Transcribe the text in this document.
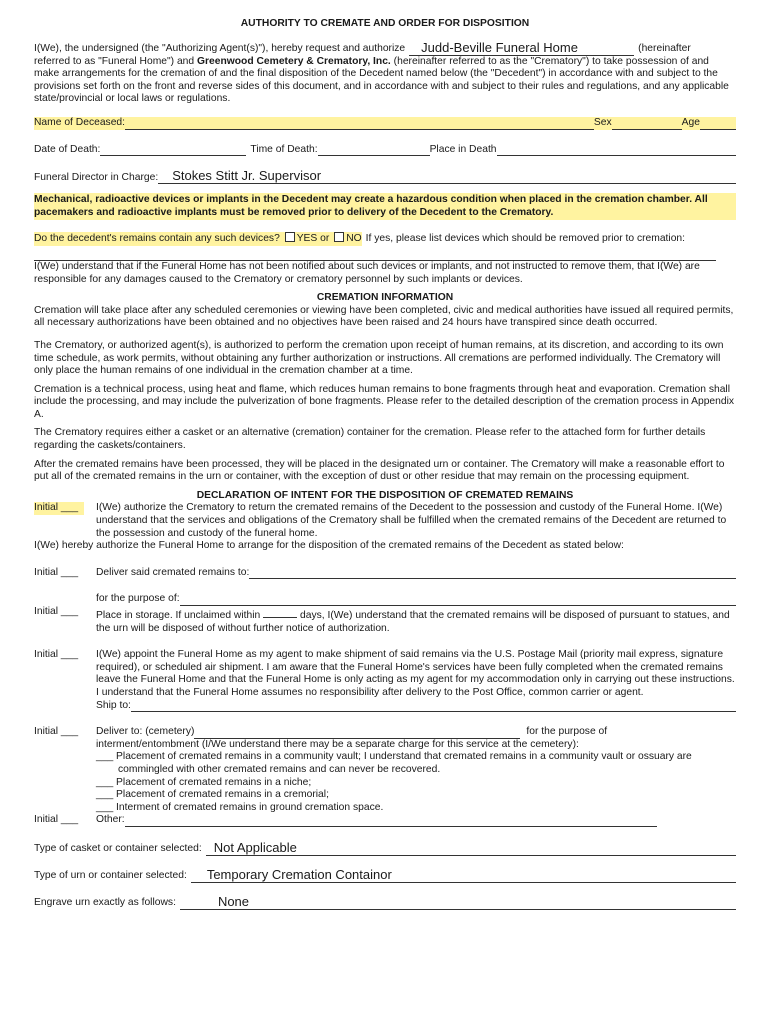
AUTHORITY TO CREMATE AND ORDER FOR DISPOSITION
I(We), the undersigned (the "Authorizing Agent(s)"), hereby request and authorize Judd-Beville Funeral Home	(hereinafter

referred to as "Funeral Home") and Greenwood Cemetery & Crematory, Inc. (hereinafter referred to as the "Crematory") to take possession of and make arrangements for the cremation of and the final disposition of the Decedent named below (the "Decedent") in accordance with and subject to the provisions set forth on the front and reverse sides of this document, and in accordance with and subject to their rules and regulations, and any applicable state/provincial or local laws or regulations.

Name of Deceased:	Sex	Age
Date of Death:	Time of Death:	Place in Death
Funeral Director in Charge: Stokes Stitt Jr. Supervisor

Mechanical, radioactive devices or implants in the Decedent may create a hazardous condition when placed in the cremation chamber. All pacemakers and radioactive implants must be removed prior to delivery of the Decedent to the Crematory.

Do the decedent's remains contain any such devices? YES or NO If yes, please list devices which should be removed prior to cremation:

I(We) understand that if the Funeral Home has not been notified about such devices or implants, and not instructed to remove them, that I(We) are responsible for any damages caused to the Crematory or crematory personnel by such implants or devices.

CREMATION INFORMATION

Cremation will take place after any scheduled ceremonies or viewing have been completed, civic and medical authorities have issued all required permits, all necessary authorizations have been obtained and no objectives have been raised and 24 hours have transpired since death occurred.

The Crematory, or authorized agent(s), is authorized to perform the cremation upon receipt of human remains, at its discretion, and according to its own time schedule, as work permits, without obtaining any further authorization or instructions. All cremations are performed individually. The Crematory will only place the human remains of one individual in the cremation chamber at a time.

Cremation is a technical process, using heat and flame, which reduces human remains to bone fragments through heat and evaporation. Cremation shall include the processing, and may include the pulverization of bone fragments. Please refer to the detailed description of the cremation process in Appendix A.

The Crematory requires either a casket or an alternative (cremation) container for the cremation. Please refer to the attached form for further details regarding the caskets/containers.

After the cremated remains have been processed, they will be placed in the designated urn or container. The Crematory will make a reasonable effort to put all of the cremated remains in the urn or container, with the exception of dust or other residue that may remain on the processing equipment.

DECLARATION OF INTENT FOR THE DISPOSITION OF CREMATED REMAINS
Initial ___	I(We) authorize the Crematory to return the cremated remains of the Decedent to the possession and custody of the Funeral Home. I(We) understand that the services and obligations of the Crematory shall be fulfilled when the cremated remains of the Decedent are returned to the possession and custody of the funeral home.

I(We) hereby authorize the Funeral Home to arrange for the disposition of the cremated remains of the Decedent as stated below:

Initial ___	Deliver said cremated remains to:
for the purpose of:
Initial ___	Place in storage. If unclaimed within	days, I(We) understand that the cremated remains will be disposed of pursuant to statues, and the urn will be disposed of without further notice of authorization.

Initial ___	I(We) appoint the Funeral Home as my agent to make shipment of said remains via the U.S. Postage Mail (priority mail express, signature required), or scheduled air shipment. I am aware that the Funeral Home's services have been fully completed when the cremated remains leave the Funeral Home and that the Funeral Home is only acting as my agent for my accommodation only in carrying out these instructions. I understand that the Funeral Home assumes no responsibility after delivery to the Post Office, common carrier or agent.

Ship to:
Initial ___	Deliver to: (cemetery)	for the purpose of

interment/entombment (I/We understand there may be a separate charge for this service at the cemetery):

___ Placement of cremated remains in a community vault; I understand that cremated remains in a community vault or ossuary are commingled with other cremated remains and can never be recovered.

___ Placement of cremated remains in a niche;

___ Placement of cremated remains in a cremorial;

___ Interment of cremated remains in ground cremation space.

Initial ___	Other:
Type of casket or container selected: Not Applicable
Type of urn or container selected: Temporary Cremation Containor
Engrave urn exactly as follows:	None
